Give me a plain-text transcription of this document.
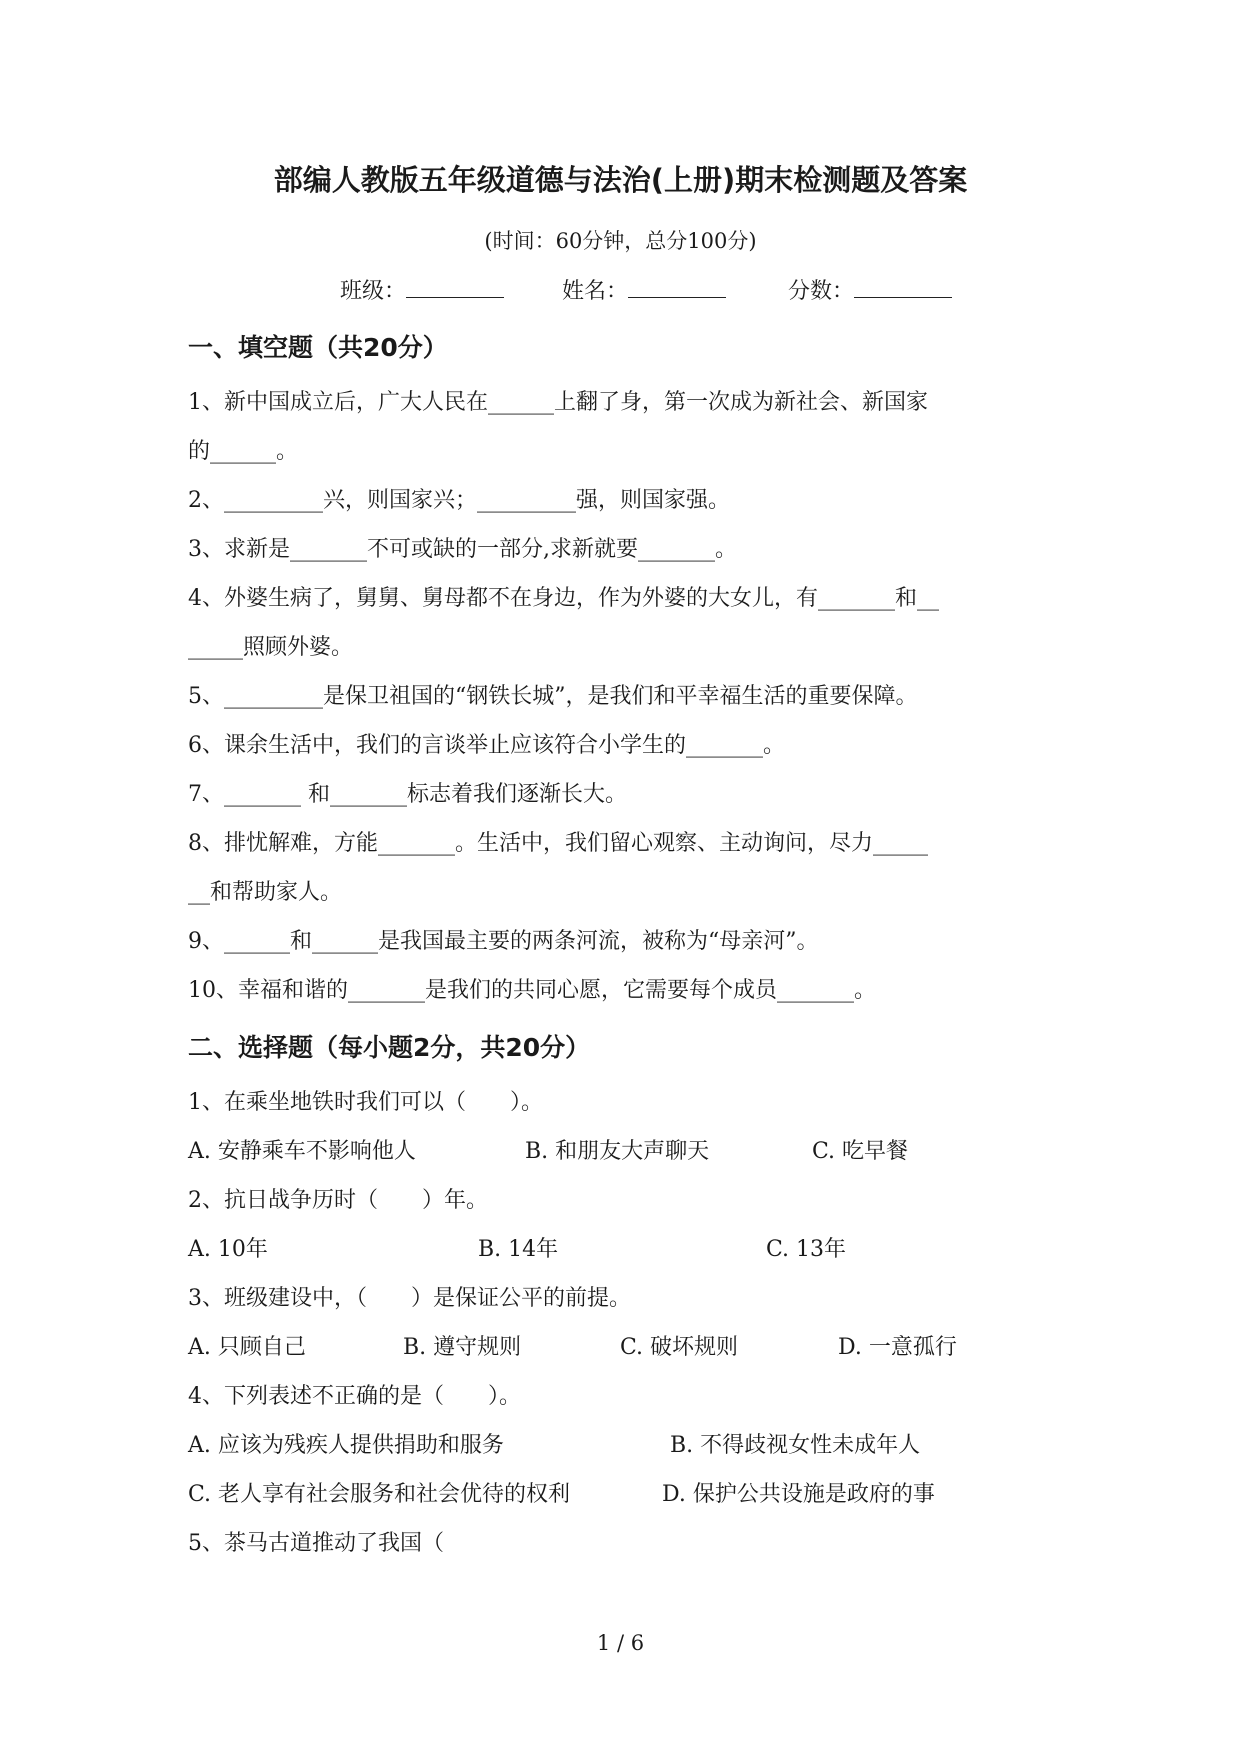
部编人教版五年级道德与法治(上册)期末检测题及答案
(时间：60分钟，总分100分)
班级：	姓名：	分数：
一、填空题（共20分）
1、新中国成立后，广大人民在______上翻了身，第一次成为新社会、新国家
的______。
2、_________兴，则国家兴；_________强，则国家强。
3、求新是_______不可或缺的一部分,求新就要_______。
4、外婆生病了，舅舅、舅母都不在身边，作为外婆的大女儿，有_______和__
_____照顾外婆。
5、_________是保卫祖国的“钢铁长城”，是我们和平幸福生活的重要保障。
6、课余生活中，我们的言谈举止应该符合小学生的_______。
7、_______ 和_______标志着我们逐渐长大。
8、排忧解难，方能_______。生活中，我们留心观察、主动询问，尽力_____
__和帮助家人。
9、______和______是我国最主要的两条河流，被称为“母亲河”。
10、幸福和谐的_______是我们的共同心愿，它需要每个成员_______。
二、选择题（每小题2分，共20分）
1、在乘坐地铁时我们可以（　　）。
A. 安静乘车不影响他人	B. 和朋友大声聊天	C. 吃早餐
2、抗日战争历时（　　）年。
A. 10年	B. 14年	C. 13年
3、班级建设中，（　　）是保证公平的前提。
A. 只顾自己	B. 遵守规则	C. 破坏规则	D. 一意孤行
4、下列表述不正确的是（　　）。
A. 应该为残疾人提供捐助和服务	B. 不得歧视女性未成年人
C. 老人享有社会服务和社会优待的权利	D. 保护公共设施是政府的事
5、茶马古道推动了我国（
1 / 6
